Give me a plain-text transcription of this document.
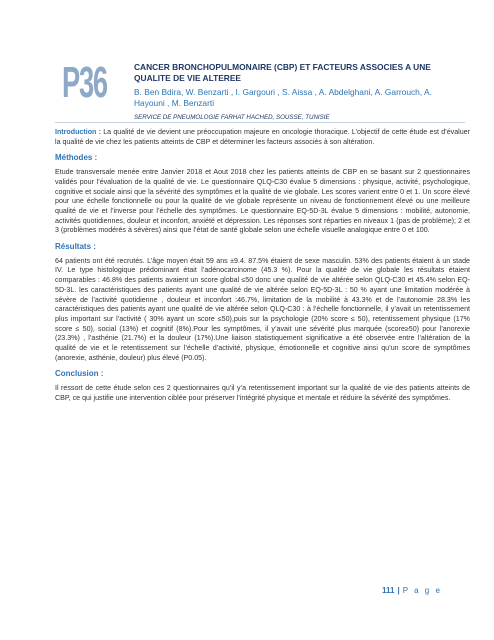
P36	CANCER BRONCHOPULMONAIRE (CBP) ET FACTEURS ASSOCIES A UNE QUALITE DE VIE ALTEREE
B. Ben Bdira, W. Benzarti , I. Gargouri , S. Aissa , A. Abdelghani, A. Garrouch, A. Hayouni , M. Benzarti
SERVICE DE PNEUMOLOGIE FARHAT HACHED, SOUSSE, TUNISIE

Introduction : La qualité de vie devient une préoccupation majeure en oncologie thoracique. L’objectif de cette étude est d’évaluer la qualité de vie chez les patients atteints de CBP et déterminer les facteurs associés à son altération.

Méthodes :

Etude transversale menée entre Janvier 2018 et Aout 2018 chez les patients atteints de CBP en se basant sur 2 questionnaires validés pour l’évaluation de la qualité de vie. Le questionnaire QLQ-C30 évalue 5 dimensions : physique, activité, psychologique, cognitive et sociale ainsi que la sévérité des symptômes et la qualité de vie globale. Les scores varient entre 0 et 1. Un score élevé pour une échelle fonctionnelle ou pour la qualité de vie globale représente un niveau de fonctionnement élevé ou une meilleure qualité de vie et l’inverse pour l’échelle des symptômes. Le questionnaire EQ-5D-3L évalue 5 dimensions : mobilité, autonomie, activités quotidiennes, douleur et inconfort, anxiété et dépression. Les réponses sont réparties en niveaux 1 (pas de problème); 2 et 3 (problèmes modérés à sévères) ainsi que l’état de santé globale selon une échelle visuelle analogique entre 0 et 100.

Résultats :

64 patients ont été recrutés. L’âge moyen était 59 ans ±9.4. 87.5% étaient de sexe masculin. 53% des patients étaient à un stade IV. Le type histologique prédominant était l’adénocarcinome (45.3 %). Pour la qualité de vie globale les résultats étaient comparables : 46.8% des patients avaient un score global ≤50 donc une qualité de vie altérée selon QLQ-C30 et 45.4% selon EQ-5D-3L. les caractéristiques des patients ayant une qualité de vie altérée selon EQ-5D-3L : 50 % ayant une limitation modérée à sévère de l’activité quotidienne , douleur et inconfort :46.7%, limitation de la mobilité à 43.3% et de l’autonomie 28.3% les caractéristiques des patients ayant une qualité de vie altérée selon QLQ-C30 : à l’échelle fonctionnelle, il y’avait un retentissement plus important sur l’activité ( 30% ayant un score ≤50),puis sur la psychologie (20% score ≤ 50), retentissement physique (17% score ≤ 50), social (13%) et cognitif (8%).Pour les symptômes, il y’avait une sévérité plus marquée (score≥50) pour l’anorexie (23.3%) , l’asthénie (21.7%) et la douleur (17%).Une liaison statistiquement significative a été observée entre l’altération de la qualité de vie et le retentissement sur l’échelle d’activité, physique, émotionnelle et cognitive ainsi qu’un score de symptômes (anorexie, asthénie, douleur) plus élevé (P0.05).

Conclusion :

Il ressort de cette étude selon ces 2 questionnaires qu’il y’a retentissement important sur la qualité de vie des patients atteints de CBP, ce qui justifie une intervention ciblée pour préserver l’intégrité physique et mentale et réduire la sévérité des symptômes.

111 | P a g e
